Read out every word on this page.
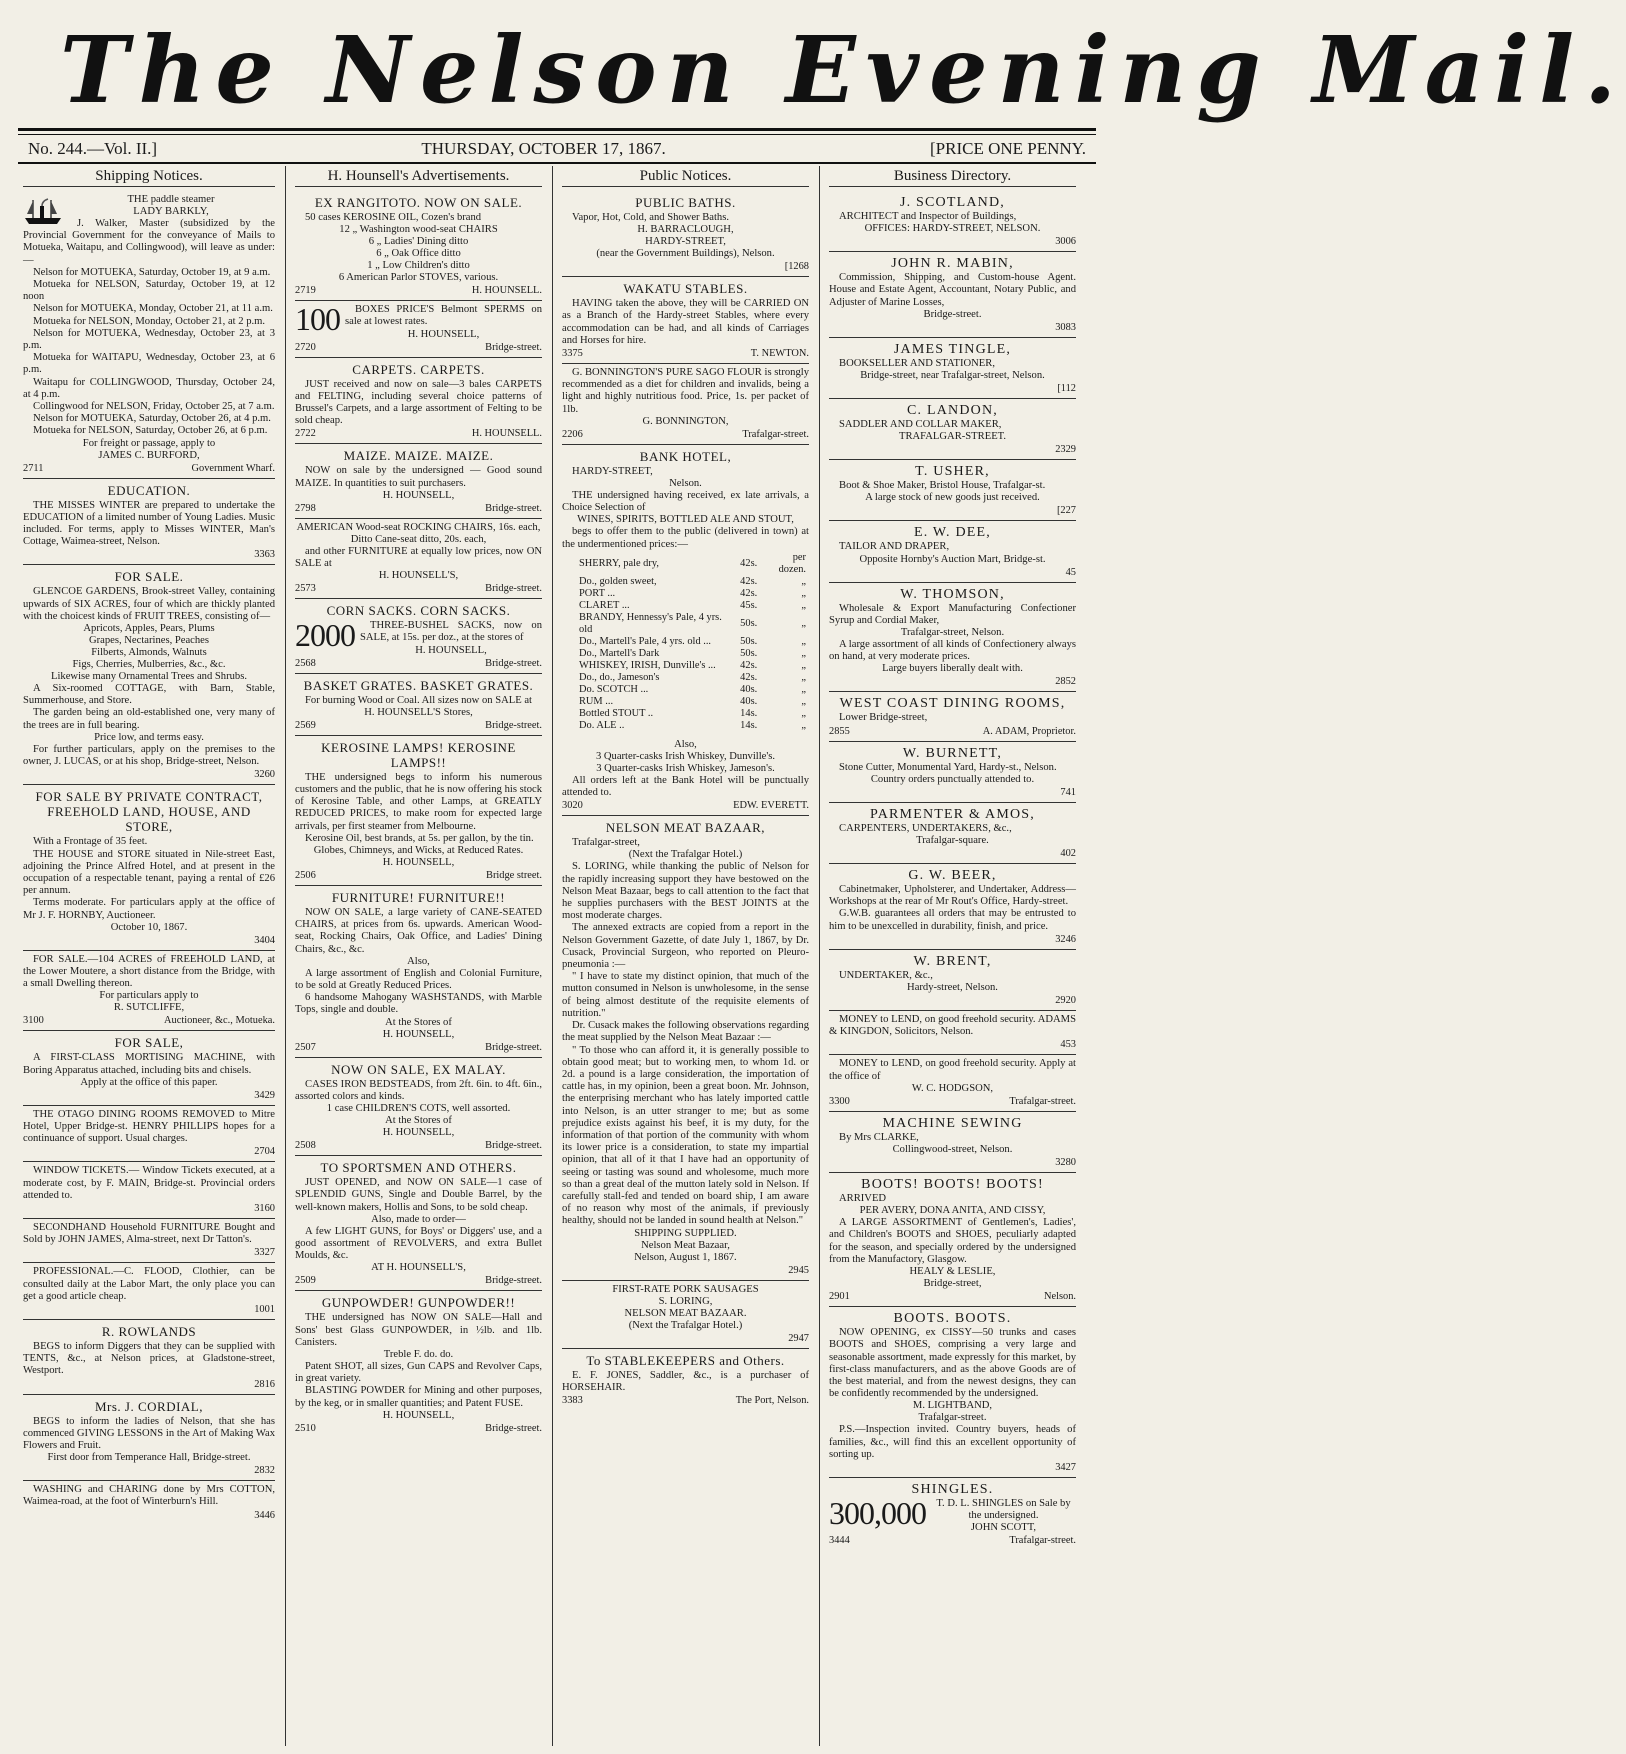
The Nelson Evening Mail.
No. 244.—Vol. II.]	THURSDAY, OCTOBER 17, 1867.	[PRICE ONE PENNY.
Shipping Notices.
THE paddle steamer
LADY BARKLY,
J. Walker, Master (subsidized by the Provincial Government for the conveyance of Mails to Motueka, Waitapu, and Collingwood), will leave as under:—
Nelson for MOTUEKA, Saturday, October 19, at 9 a.m.
Motueka for NELSON, Saturday, October 19, at 12 noon
Nelson for MOTUEKA, Monday, October 21, at 11 a.m.
Motueka for NELSON, Monday, October 21, at 2 p.m.
Nelson for MOTUEKA, Wednesday, October 23, at 3 p.m.
Motueka for WAITAPU, Wednesday, October 23, at 6 p.m.
Waitapu for COLLINGWOOD, Thursday, October 24, at 4 p.m.
Collingwood for NELSON, Friday, October 25, at 7 a.m.
Nelson for MOTUEKA, Saturday, October 26, at 4 p.m.
Motueka for NELSON, Saturday, October 26, at 6 p.m.
For freight or passage, apply to
JAMES C. BURFORD,
2711	Government Wharf.
EDUCATION.
THE MISSES WINTER are prepared to undertake the EDUCATION of a limited number of Young Ladies. Music included. For terms, apply to Misses WINTER, Man's Cottage, Waimea-street, Nelson.
3363
FOR SALE.
GLENCOE GARDENS, Brook-street Valley, containing upwards of SIX ACRES, four of which are thickly planted with the choicest kinds of FRUIT TREES, consisting of—
Apricots, Apples, Pears, Plums
Grapes, Nectarines, Peaches
Filberts, Almonds, Walnuts
Figs, Cherries, Mulberries, &c., &c.
Likewise many Ornamental Trees and Shrubs.
A Six-roomed COTTAGE, with Barn, Stable, Summerhouse, and Store.
The garden being an old-established one, very many of the trees are in full bearing.
Price low, and terms easy.
For further particulars, apply on the premises to the owner, J. LUCAS, or at his shop, Bridge-street, Nelson.
3260
FOR SALE BY PRIVATE CONTRACT, FREEHOLD LAND, HOUSE, AND STORE,
With a Frontage of 35 feet.
THE HOUSE and STORE situated in Nile-street East, adjoining the Prince Alfred Hotel, and at present in the occupation of a respectable tenant, paying a rental of £26 per annum.
Terms moderate. For particulars apply at the office of Mr J. F. HORNBY, Auctioneer.
October 10, 1867.
3404
FOR SALE.—104 ACRES of FREEHOLD LAND, at the Lower Moutere, a short distance from the Bridge, with a small Dwelling thereon.
For particulars apply to
R. SUTCLIFFE,
3100	Auctioneer, &c., Motueka.
FOR SALE,
A FIRST-CLASS MORTISING MACHINE, with Boring Apparatus attached, including bits and chisels.
Apply at the office of this paper.
3429
THE OTAGO DINING ROOMS REMOVED to Mitre Hotel, Upper Bridge-st. HENRY PHILLIPS hopes for a continuance of support. Usual charges.
2704
WINDOW TICKETS.— Window Tickets executed, at a moderate cost, by F. MAIN, Bridge-st. Provincial orders attended to.
3160
SECONDHAND Household FURNITURE Bought and Sold by JOHN JAMES, Alma-street, next Dr Tatton's.
3327
PROFESSIONAL.—C. FLOOD, Clothier, can be consulted daily at the Labor Mart, the only place you can get a good article cheap.
1001
R. ROWLANDS
BEGS to inform Diggers that they can be supplied with TENTS, &c., at Nelson prices, at Gladstone-street, Westport.
2816
Mrs. J. CORDIAL,
BEGS to inform the ladies of Nelson, that she has commenced GIVING LESSONS in the Art of Making Wax Flowers and Fruit.
First door from Temperance Hall, Bridge-street.
2832
WASHING and CHARING done by Mrs COTTON, Waimea-road, at the foot of Winterburn's Hill.
3446
H. Hounsell's Advertisements.
EX RANGITOTO. NOW ON SALE.
50 cases KEROSINE OIL, Cozen's brand
12 „ Washington wood-seat CHAIRS
6 „ Ladies' Dining ditto
6 „ Oak Office ditto
1 „ Low Children's ditto
6 American Parlor STOVES, various.
2719	H. HOUNSELL.
100	BOXES PRICE'S Belmont SPERMS on sale at lowest rates.
H. HOUNSELL,
2720	Bridge-street.
CARPETS. CARPETS.
JUST received and now on sale—3 bales CARPETS and FELTING, including several choice patterns of Brussel's Carpets, and a large assortment of Felting to be sold cheap.
2722	H. HOUNSELL.
MAIZE. MAIZE. MAIZE.
NOW on sale by the undersigned — Good sound MAIZE. In quantities to suit purchasers.
H. HOUNSELL,
2798	Bridge-street.
AMERICAN Wood-seat ROCKING CHAIRS, 16s. each,
Ditto Cane-seat ditto, 20s. each,
and other FURNITURE at equally low prices, now ON SALE at
H. HOUNSELL'S,
2573	Bridge-street.
CORN SACKS. CORN SACKS.
2000	THREE-BUSHEL SACKS, now on SALE, at 15s. per doz., at the stores of
H. HOUNSELL,
2568	Bridge-street.
BASKET GRATES. BASKET GRATES.
For burning Wood or Coal. All sizes now on SALE at
H. HOUNSELL'S Stores,
2569	Bridge-street.
KEROSINE LAMPS! KEROSINE LAMPS!!
THE undersigned begs to inform his numerous customers and the public, that he is now offering his stock of Kerosine Table, and other Lamps, at GREATLY REDUCED PRICES, to make room for expected large arrivals, per first steamer from Melbourne.
Kerosine Oil, best brands, at 5s. per gallon, by the tin.
Globes, Chimneys, and Wicks, at Reduced Rates.
H. HOUNSELL,
2506	Bridge street.
FURNITURE! FURNITURE!!
NOW ON SALE, a large variety of CANE-SEATED CHAIRS, at prices from 6s. upwards. American Wood-seat, Rocking Chairs, Oak Office, and Ladies' Dining Chairs, &c., &c.
Also,
A large assortment of English and Colonial Furniture, to be sold at Greatly Reduced Prices.
6 handsome Mahogany WASHSTANDS, with Marble Tops, single and double.
At the Stores of
H. HOUNSELL,
2507	Bridge-street.
NOW ON SALE, EX MALAY.
CASES IRON BEDSTEADS, from 2ft. 6in. to 4ft. 6in., assorted colors and kinds.
1 case CHILDREN'S COTS, well assorted.
At the Stores of
H. HOUNSELL,
2508	Bridge-street.
TO SPORTSMEN AND OTHERS.
JUST OPENED, and NOW ON SALE—1 case of SPLENDID GUNS, Single and Double Barrel, by the well-known makers, Hollis and Sons, to be sold cheap.
Also, made to order—
A few LIGHT GUNS, for Boys' or Diggers' use, and a good assortment of REVOLVERS, and extra Bullet Moulds, &c.
AT H. HOUNSELL'S,
2509	Bridge-street.
GUNPOWDER! GUNPOWDER!!
THE undersigned has NOW ON SALE—Hall and Sons' best Glass GUNPOWDER, in ½lb. and 1lb. Canisters.
Treble F. do. do.
Patent SHOT, all sizes, Gun CAPS and Revolver Caps, in great variety.
BLASTING POWDER for Mining and other purposes, by the keg, or in smaller quantities; and Patent FUSE.
H. HOUNSELL,
2510	Bridge-street.
Public Notices.
PUBLIC BATHS.
Vapor, Hot, Cold, and Shower Baths.
H. BARRACLOUGH,
HARDY-STREET,
(near the Government Buildings), Nelson.
[1268
WAKATU STABLES.
HAVING taken the above, they will be CARRIED ON as a Branch of the Hardy-street Stables, where every accommodation can be had, and all kinds of Carriages and Horses for hire.
3375	T. NEWTON.
G. BONNINGTON'S PURE SAGO FLOUR is strongly recommended as a diet for children and invalids, being a light and highly nutritious food. Price, 1s. per packet of 1lb.
G. BONNINGTON,
2206	Trafalgar-street.
BANK HOTEL,
HARDY-STREET,
Nelson.
THE undersigned having received, ex late arrivals, a Choice Selection of
WINES, SPIRITS, BOTTLED ALE AND STOUT,
begs to offer them to the public (delivered in town) at the undermentioned prices:—
SHERRY, pale dry,	42s.	per dozen.
Do., golden sweet,	42s.	„
PORT ...	42s.	„
CLARET ...	45s.	„
BRANDY, Hennessy's Pale, 4 yrs. old	50s.	„
Do., Martell's Pale, 4 yrs. old ...	50s.	„
Do., Martell's Dark	50s.	„
WHISKEY, IRISH, Dunville's ...	42s.	„
Do., do., Jameson's	42s.	„
Do. SCOTCH ...	40s.	„
RUM ...	40s.	„
Bottled STOUT ..	14s.	„
Do. ALE ..	14s.	„
Also,
3 Quarter-casks Irish Whiskey, Dunville's.
3 Quarter-casks Irish Whiskey, Jameson's.
All orders left at the Bank Hotel will be punctually attended to.
3020	EDW. EVERETT.
NELSON MEAT BAZAAR,
Trafalgar-street,
(Next the Trafalgar Hotel.)
S. LORING, while thanking the public of Nelson for the rapidly increasing support they have bestowed on the Nelson Meat Bazaar, begs to call attention to the fact that he supplies purchasers with the BEST JOINTS at the most moderate charges.
The annexed extracts are copied from a report in the Nelson Government Gazette, of date July 1, 1867, by Dr. Cusack, Provincial Surgeon, who reported on Pleuro-pneumonia :—
" I have to state my distinct opinion, that much of the mutton consumed in Nelson is unwholesome, in the sense of being almost destitute of the requisite elements of nutrition."
Dr. Cusack makes the following observations regarding the meat supplied by the Nelson Meat Bazaar :—
" To those who can afford it, it is generally possible to obtain good meat; but to working men, to whom 1d. or 2d. a pound is a large consideration, the importation of cattle has, in my opinion, been a great boon. Mr. Johnson, the enterprising merchant who has lately imported cattle into Nelson, is an utter stranger to me; but as some prejudice exists against his beef, it is my duty, for the information of that portion of the community with whom its lower price is a consideration, to state my impartial opinion, that all of it that I have had an opportunity of seeing or tasting was sound and wholesome, much more so than a great deal of the mutton lately sold in Nelson. If carefully stall-fed and tended on board ship, I am aware of no reason why most of the animals, if previously healthy, should not be landed in sound health at Nelson."
SHIPPING SUPPLIED.
Nelson Meat Bazaar,
Nelson, August 1, 1867.
2945
FIRST-RATE PORK SAUSAGES
S. LORING,
NELSON MEAT BAZAAR.
(Next the Trafalgar Hotel.)
2947
To STABLEKEEPERS and Others.
E. F. JONES, Saddler, &c., is a purchaser of HORSEHAIR.
3383	The Port, Nelson.
Business Directory.
J. SCOTLAND,
ARCHITECT and Inspector of Buildings,
OFFICES: HARDY-STREET, NELSON.
3006
JOHN R. MABIN,
Commission, Shipping, and Custom-house Agent. House and Estate Agent, Accountant, Notary Public, and Adjuster of Marine Losses,
Bridge-street.
3083
JAMES TINGLE,
BOOKSELLER AND STATIONER,
Bridge-street, near Trafalgar-street, Nelson.
[112
C. LANDON,
SADDLER AND COLLAR MAKER,
TRAFALGAR-STREET.
2329
T. USHER,
Boot & Shoe Maker, Bristol House, Trafalgar-st.
A large stock of new goods just received.
[227
E. W. DEE,
TAILOR AND DRAPER,
Opposite Hornby's Auction Mart, Bridge-st.
45
W. THOMSON,
Wholesale & Export Manufacturing Confectioner Syrup and Cordial Maker,
Trafalgar-street, Nelson.
A large assortment of all kinds of Confectionery always on hand, at very moderate prices.
Large buyers liberally dealt with.
2852
WEST COAST DINING ROOMS,
Lower Bridge-street,
2855	A. ADAM, Proprietor.
W. BURNETT,
Stone Cutter, Monumental Yard, Hardy-st., Nelson.
Country orders punctually attended to.
741
PARMENTER & AMOS,
CARPENTERS, UNDERTAKERS, &c.,
Trafalgar-square.
402
G. W. BEER,
Cabinetmaker, Upholsterer, and Undertaker, Address—Workshops at the rear of Mr Rout's Office, Hardy-street.
G.W.B. guarantees all orders that may be entrusted to him to be unexcelled in durability, finish, and price.
3246
W. BRENT,
UNDERTAKER, &c.,
Hardy-street, Nelson.
2920
MONEY to LEND, on good freehold security. ADAMS & KINGDON, Solicitors, Nelson.
453
MONEY to LEND, on good freehold security. Apply at the office of
W. C. HODGSON,
3300	Trafalgar-street.
MACHINE SEWING
By Mrs CLARKE,
Collingwood-street, Nelson.
3280
BOOTS! BOOTS! BOOTS!
ARRIVED
PER AVERY, DONA ANITA, AND CISSY,
A LARGE ASSORTMENT of Gentlemen's, Ladies', and Children's BOOTS and SHOES, peculiarly adapted for the season, and specially ordered by the undersigned from the Manufactory, Glasgow.
HEALY & LESLIE,
Bridge-street,
2901	Nelson.
BOOTS. BOOTS.
NOW OPENING, ex CISSY—50 trunks and cases BOOTS and SHOES, comprising a very large and seasonable assortment, made expressly for this market, by first-class manufacturers, and as the above Goods are of the best material, and from the newest designs, they can be confidently recommended by the undersigned.
M. LIGHTBAND,
Trafalgar-street.
P.S.—Inspection invited. Country buyers, heads of families, &c., will find this an excellent opportunity of sorting up.
3427
SHINGLES.
300,000 T. D. L. SHINGLES on Sale by the undersigned.
JOHN SCOTT,
3444	Trafalgar-street.
